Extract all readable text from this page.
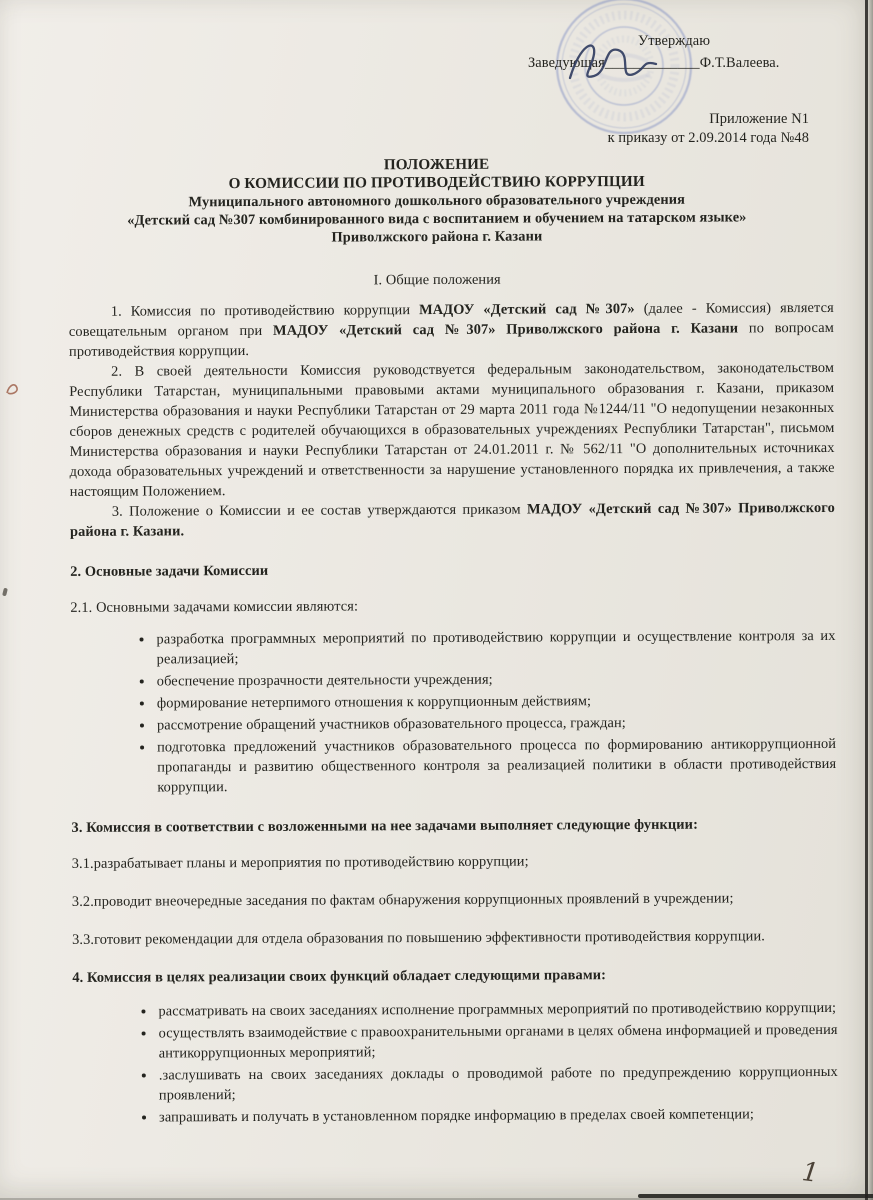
Утверждаю
Заведующая_____________Ф.Т.Валеева.
Приложение N1
к приказу от 2.09.2014 года №48
ПОЛОЖЕНИЕ
О КОМИССИИ ПО ПРОТИВОДЕЙСТВИЮ КОРРУПЦИИ
Муниципального автономного дошкольного образовательного учреждения
«Детский сад №307 комбинированного вида с воспитанием и обучением на татарском языке»
Приволжского района г. Казани
I. Общие положения

1. Комиссия по противодействию коррупции МАДОУ «Детский сад №307» (далее - Комиссия) является совещательным органом при МАДОУ «Детский сад №307» Приволжского района г. Казани по вопросам противодействия коррупции.

2. В своей деятельности Комиссия руководствуется федеральным законодательством, законодательством Республики Татарстан, муниципальными правовыми актами муниципального образования г. Казани, приказом Министерства образования и науки Республики Татарстан от 29 марта 2011 года №1244/11 "О недопущении незаконных сборов денежных средств с родителей обучающихся в образовательных учреждениях Республики Татарстан", письмом Министерства образования и науки Республики Татарстан от 24.01.2011 г. № 562/11 "О дополнительных источниках дохода образовательных учреждений и ответственности за нарушение установленного порядка их привлечения, а также настоящим Положением.

3. Положение о Комиссии и ее состав утверждаются приказом МАДОУ «Детский сад №307» Приволжского района г. Казани.

2. Основные задачи Комиссии

2.1. Основными задачами комиссии являются:

• разработка программных мероприятий по противодействию коррупции и осуществление контроля за их реализацией;
• обеспечение прозрачности деятельности учреждения;
• формирование нетерпимого отношения к коррупционным действиям;
• рассмотрение обращений участников образовательного процесса, граждан;
• подготовка предложений участников образовательного процесса по формированию антикоррупционной пропаганды и развитию общественного контроля за реализацией политики в области противодействия коррупции.
3. Комиссия в соответствии с возложенными на нее задачами выполняет следующие функции:

3.1.разрабатывает планы и мероприятия по противодействию коррупции;

3.2.проводит внеочередные заседания по фактам обнаружения коррупционных проявлений в учреждении;

3.3.готовит рекомендации для отдела образования по повышению эффективности противодействия коррупции.

4. Комиссия в целях реализации своих функций обладает следующими правами:
• рассматривать на своих заседаниях исполнение программных мероприятий по противодействию коррупции;
• осуществлять взаимодействие с правоохранительными органами в целях обмена информацией и проведения антикоррупционных мероприятий;
• .заслушивать на своих заседаниях доклады о проводимой работе по предупреждению коррупционных проявлений;
• запрашивать и получать в установленном порядке информацию в пределах своей компетенции;
1
